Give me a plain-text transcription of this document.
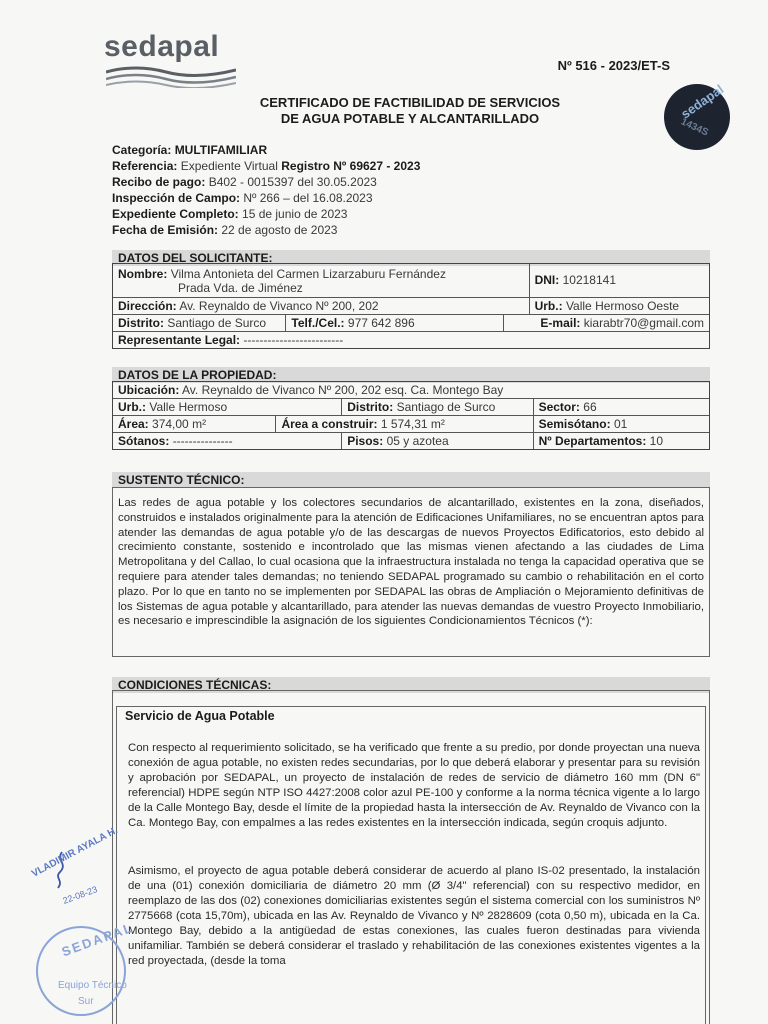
sedapal
Nº 516 - 2023/ET-S
CERTIFICADO DE FACTIBILIDAD DE SERVICIOS
DE AGUA POTABLE Y ALCANTARILLADO	sedapal
1434S
Categoría: MULTIFAMILIAR
Referencia: Expediente Virtual Registro Nº 69627 - 2023
Recibo de pago: B402 - 0015397 del 30.05.2023
Inspección de Campo: Nº 266 – del 16.08.2023
Expediente Completo: 15 de junio de 2023
Fecha de Emisión: 22 de agosto de 2023
DATOS DEL SOLICITANTE:
Nombre: Vilma Antonieta del Carmen Lizarzaburu Fernández
Prada Vda. de Jiménez
DNI: 10218141
Dirección: Av. Reynaldo de Vivanco Nº 200, 202	Urb.: Valle Hermoso Oeste
Distrito: Santiago de Surco	Telf./Cel.: 977 642 896	E-mail: kiarabtr70@gmail.com
Representante Legal: -------------------------
DATOS DE LA PROPIEDAD:
Ubicación: Av. Reynaldo de Vivanco Nº 200, 202 esq. Ca. Montego Bay
Urb.: Valle Hermoso	Distrito: Santiago de Surco	Sector: 66
Área: 374,00 m²	Área a construir: 1 574,31 m²	Semisótano: 01
Sótanos: ---------------	Pisos: 05 y azotea	Nº Departamentos: 10
SUSTENTO TÉCNICO:
Las redes de agua potable y los colectores secundarios de alcantarillado, existentes en la zona, diseñados, construidos e instalados originalmente para la atención de Edificaciones Unifamiliares, no se encuentran aptos para atender las demandas de agua potable y/o de las descargas de nuevos Proyectos Edificatorios, esto debido al crecimiento constante, sostenido e incontrolado que las mismas vienen afectando a las ciudades de Lima Metropolitana y del Callao, lo cual ocasiona que la infraestructura instalada no tenga la capacidad operativa que se requiere para atender tales demandas; no teniendo SEDAPAL programado su cambio o rehabilitación en el corto plazo. Por lo que en tanto no se implementen por SEDAPAL las obras de Ampliación o Mejoramiento definitivas de los Sistemas de agua potable y alcantarillado, para atender las nuevas demandas de vuestro Proyecto Inmobiliario, es necesario e imprescindible la asignación de los siguientes Condicionamientos Técnicos (*):
CONDICIONES TÉCNICAS:
Servicio de Agua Potable
Con respecto al requerimiento solicitado, se ha verificado que frente a su predio, por donde proyectan una nueva conexión de agua potable, no existen redes secundarias, por lo que deberá elaborar y presentar para su revisión y aprobación por SEDAPAL, un proyecto de instalación de redes de servicio de diámetro 160 mm (DN 6" referencial) HDPE según NTP ISO 4427:2008 color azul PE-100 y conforme a la norma técnica vigente a lo largo de la Calle Montego Bay, desde el límite de la propiedad hasta la intersección de Av. Reynaldo de Vivanco con la Ca. Montego Bay, con empalmes a las redes existentes en la intersección indicada, según croquis adjunto.
Asimismo, el proyecto de agua potable deberá considerar de acuerdo al plano IS-02 presentado, la instalación de una (01) conexión domiciliaria de diámetro 20 mm (Ø 3/4" referencial) con su respectivo medidor, en reemplazo de las dos (02) conexiones domiciliarias existentes según el sistema comercial con los suministros Nº 2775668 (cota 15,70m), ubicada en las Av. Reynaldo de Vivanco y Nº 2828609 (cota 0,50 m), ubicada en la Ca. Montego Bay, debido a la antigüedad de estas conexiones, las cuales fueron destinadas para vivienda unifamiliar. También se deberá considerar el traslado y rehabilitación de las conexiones existentes vigentes a la red proyectada, (desde la toma
VLADIMIR AYALA H.
22-08-23
SEDAPAL
Equipo Técnico
Sur
